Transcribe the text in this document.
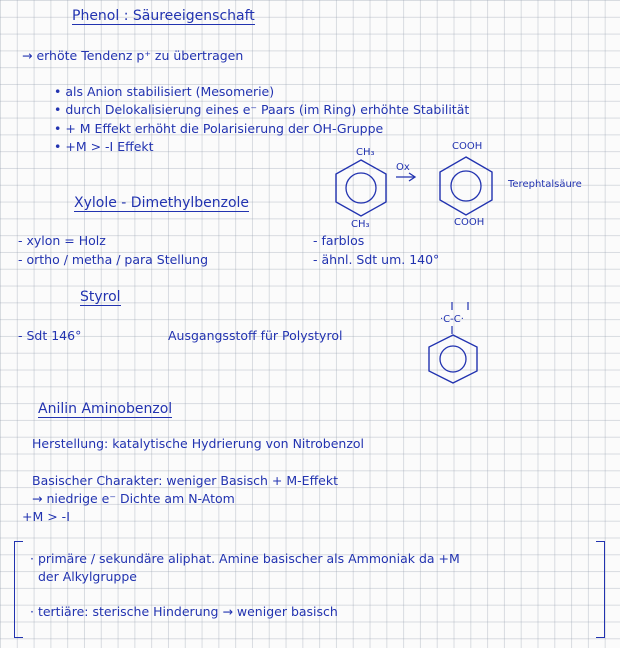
Phenol : Säureeigenschaft
→ erhöte Tendenz p⁺ zu übertragen
• als Anion stabilisiert (Mesomerie)
• durch Delokalisierung eines e⁻ Paars (im Ring) erhöhte Stabilität
• + M Effekt erhöht die Polarisierung der OH-Gruppe
• +M > -I Effekt	CH₃
CH₃
Ox
COOH
COOH
Terephtalsäure
Xylole - Dimethylbenzole
- xylon = Holz
- ortho / metha / para Stellung
- farblos
- ähnl. Sdt um. 140°
Styrol
- Sdt 146°	Ausgangsstoff für Polystyrol
·C-C·
Anilin Aminobenzol
Herstellung: katalytische Hydrierung von Nitrobenzol
Basischer Charakter: weniger Basisch + M-Effekt
→ niedrige e⁻ Dichte am N-Atom
+M > -I
· primäre / sekundäre aliphat. Amine basischer als Ammoniak da +M
der Alkylgruppe
· tertiäre: sterische Hinderung → weniger basisch
